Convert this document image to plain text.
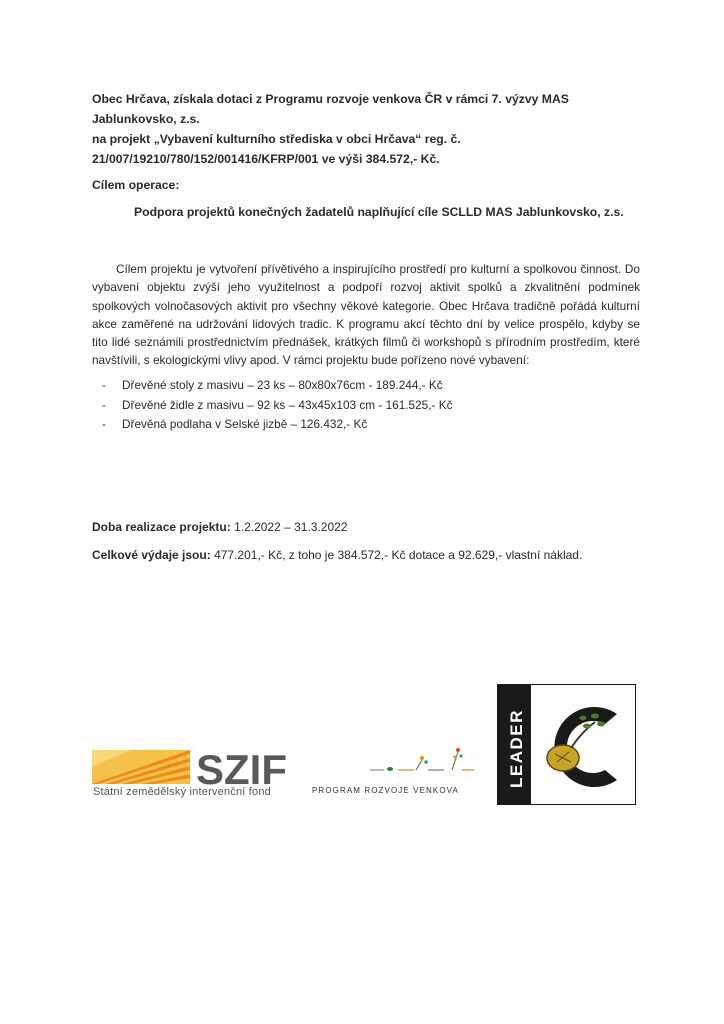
Obec Hrčava, získala dotaci z Programu rozvoje venkova ČR v rámci 7. výzvy MAS Jablunkovsko, z.s.
na projekt „Vybavení kulturního střediska v obci Hrčava“ reg. č.
21/007/19210/780/152/001416/KFRP/001 ve výši 384.572,- Kč.
Cílem operace:
Podpora projektů konečných žadatelů naplňující cíle SCLLD MAS Jablunkovsko, z.s.
Cílem projektu je vytvoření přívětivého a inspirujícího prostředí pro kulturní a spolkovou činnost. Do vybavení objektu zvýší jeho využitelnost a podpoří rozvoj aktivit spolků a zkvalitnění podmínek spolkových volnočasových aktivit pro všechny věkové kategorie. Obec Hrčava tradičně pořádá kulturní akce zaměřené na udržování lidových tradic. K programu akcí těchto dní by velice prospělo, kdyby se tito lidé seznámili prostřednictvím přednášek, krátkých filmů či workshopů s přírodním prostředím, které navštívili, s ekologickými vlivy apod. V rámci projektu bude pořízeno nové vybavení:
- Dřevěné stoly z masivu – 23 ks – 80x80x76cm - 189.244,- Kč
- Dřevěné židle z masivu – 92 ks – 43x45x103 cm - 161.525,- Kč
- Dřevěná podlaha v Selské jizbě – 126.432,- Kč
Doba realizace projektu: 1.2.2022 – 31.3.2022
Celkové výdaje jsou: 477.201,- Kč, z toho je 384.572,- Kč dotace a 92.629,- vlastní náklad.
SZIF
Státní zemědělský intervenční fond	PROGRAM ROZVOJE VENKOVA
LEADER
